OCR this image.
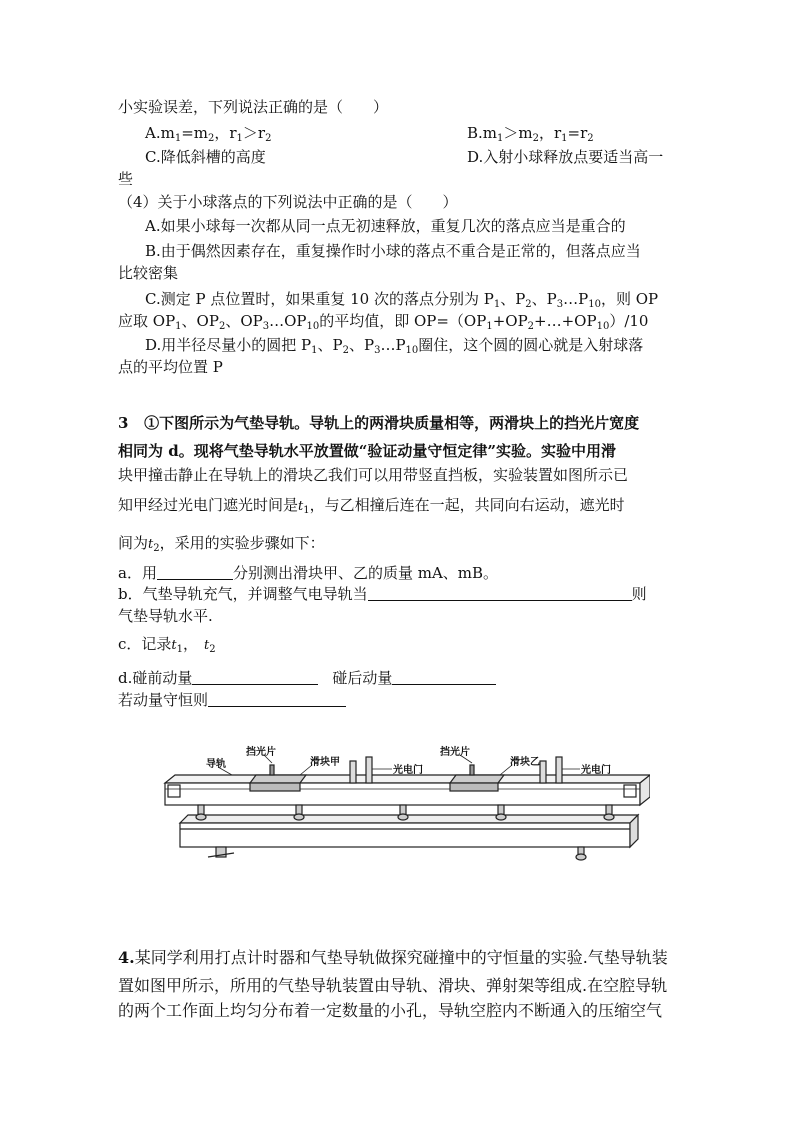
小实验误差，下列说法正确的是（　　）
$A.m_1=m_2$，$r_1>r_2$	$B.m_1>m_2$，$r_1=r_2$
C.降低斜槽的高度	D.入射小球释放点要适当高一
些
（4）关于小球落点的下列说法中正确的是（　　）
A.如果小球每一次都从同一点无初速释放，重复几次的落点应当是重合的
B.由于偶然因素存在，重复操作时小球的落点不重合是正常的，但落点应当
比较密集
C.测定 P 点位置时，如果重复 10 次的落点分别为 $P_1$、$P_2$、$P_3\dots P_{10}$，则 OP
应取 $OP_1$、$OP_2$、$OP_3\dots OP_{10}$的平均值，即 $OP=(OP_1+OP_2+\dots+OP_{10})/10$
D.用半径尽量小的圆把 $P_1$、$P_2$、$P_3\dots P_{10}$圈住，这个圆的圆心就是入射球落
点的平均位置 P
3 ①下图所示为气垫导轨。导轨上的两滑块质量相等，两滑块上的挡光片宽度
相同为 d。现将气垫导轨水平放置做“验证动量守恒定律”实验。实验中用滑
块甲撞击静止在导轨上的滑块乙我们可以用带竖直挡板，实验装置如图所示已
知甲经过光电门遮光时间是$t_1$，与乙相撞后连在一起，共同向右运动，遮光时
间为$t_2$，采用的实验步骤如下：
a．用	分别测出滑块甲、乙的质量 mA、mB。
b．气垫导轨充气，并调整气电导轨当	则
气垫导轨水平.
c．记录$t_1$， $t_2$
d.碰前动量	碰后动量
若动量守恒则
导轨
挡光片
滑块甲
光电门
挡光片
滑块乙
光电门
4.某同学利用打点计时器和气垫导轨做探究碰撞中的守恒量的实验.气垫导轨装
置如图甲所示，所用的气垫导轨装置由导轨、滑块、弹射架等组成.在空腔导轨
的两个工作面上均匀分布着一定数量的小孔，导轨空腔内不断通入的压缩空气
